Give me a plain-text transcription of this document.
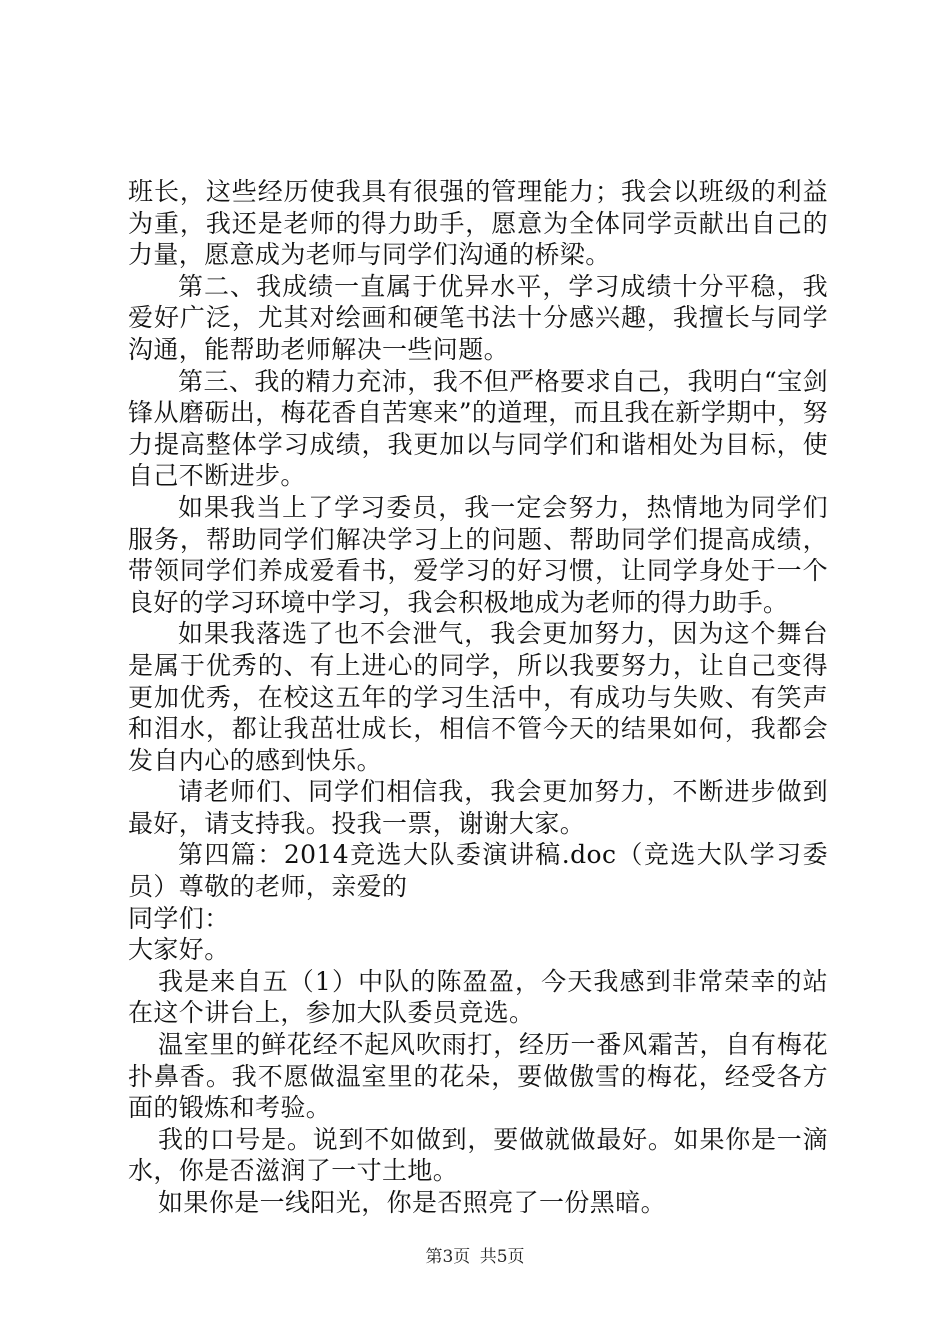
班长，这些经历使我具有很强的管理能力；我会以班级的利益为重，我还是老师的得力助手，愿意为全体同学贡献出自己的力量，愿意成为老师与同学们沟通的桥梁。

第二、我成绩一直属于优异水平，学习成绩十分平稳，我爱好广泛，尤其对绘画和硬笔书法十分感兴趣，我擅长与同学沟通，能帮助老师解决一些问题。

第三、我的精力充沛，我不但严格要求自己，我明白“宝剑锋从磨砺出，梅花香自苦寒来”的道理，而且我在新学期中，努力提高整体学习成绩，我更加以与同学们和谐相处为目标，使自己不断进步。

如果我当上了学习委员，我一定会努力，热情地为同学们服务，帮助同学们解决学习上的问题、帮助同学们提高成绩，带领同学们养成爱看书，爱学习的好习惯，让同学身处于一个良好的学习环境中学习，我会积极地成为老师的得力助手。

如果我落选了也不会泄气，我会更加努力，因为这个舞台是属于优秀的、有上进心的同学，所以我要努力，让自己变得更加优秀，在校这五年的学习生活中，有成功与失败、有笑声和泪水，都让我茁壮成长，相信不管今天的结果如何，我都会发自内心的感到快乐。

请老师们、同学们相信我，我会更加努力，不断进步做到最好，请支持我。投我一票，谢谢大家。

第四篇：2014竞选大队委演讲稿.doc（竞选大队学习委员）尊敬的老师，亲爱的

同学们：

大家好。

我是来自五（1）中队的陈盈盈，今天我感到非常荣幸的站在这个讲台上，参加大队委员竞选。

温室里的鲜花经不起风吹雨打，经历一番风霜苦，自有梅花扑鼻香。我不愿做温室里的花朵，要做傲雪的梅花，经受各方面的锻炼和考验。

我的口号是。说到不如做到，要做就做最好。如果你是一滴水，你是否滋润了一寸土地。

如果你是一线阳光，你是否照亮了一份黑暗。

第3页 共5页
